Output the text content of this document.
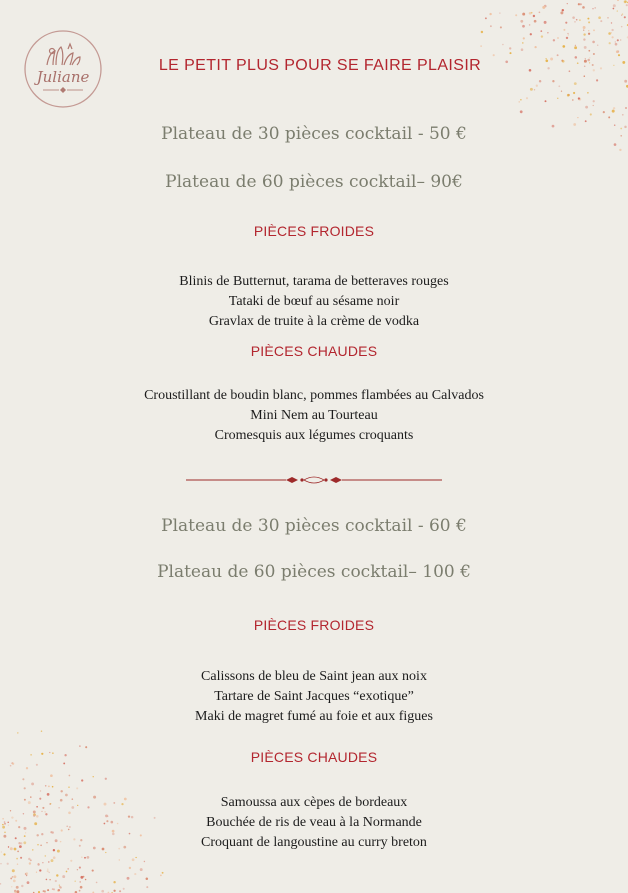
Juliane
LE PETIT PLUS POUR SE FAIRE PLAISIR
Plateau de 30 pièces cocktail - 50 €
Plateau de 60 pièces cocktail– 90€
PIÈCES FROIDES
Blinis de Butternut, tarama de betteraves rouges
Tataki de bœuf au sésame noir
Gravlax de truite à la crème de vodka
PIÈCES CHAUDES
Croustillant de boudin blanc, pommes flambées au Calvados
Mini Nem au Tourteau
Cromesquis aux légumes croquants
Plateau de 30 pièces cocktail - 60 €
Plateau de 60 pièces cocktail– 100 €
PIÈCES FROIDES
Calissons de bleu de Saint jean aux noix
Tartare de Saint Jacques “exotique”
Maki de magret fumé au foie et aux figues
PIÈCES CHAUDES
Samoussa aux cèpes de bordeaux
Bouchée de ris de veau à la Normande
Croquant de langoustine au curry breton
